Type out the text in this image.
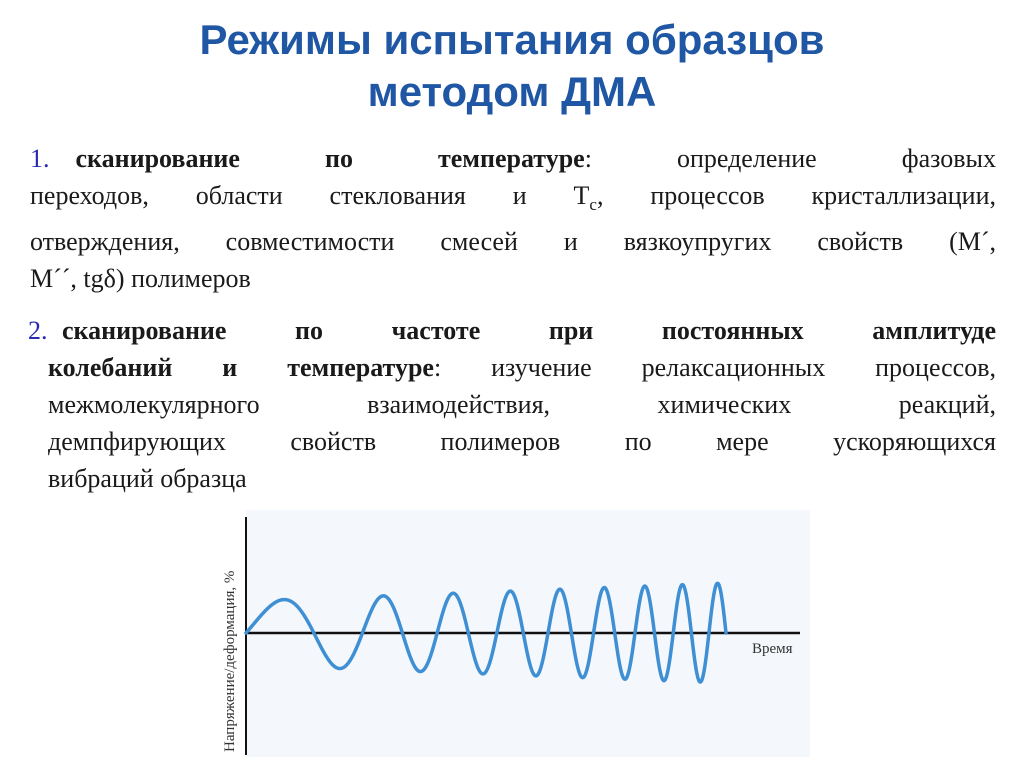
Режимы испытания образцов
методом ДМА
1. сканирование по температуре: определение фазовых
переходов, области стеклования и $Т_с$, процессов кристаллизации,
отверждения, совместимости смесей и вязкоупругих свойств (М´,
М´´, tgδ) полимеров
2. сканирование по частоте при постоянных амплитуде
колебаний и температуре: изучение релаксационных процессов,
межмолекулярного взаимодействия, химических реакций,
демпфирующих свойств полимеров по мере ускоряющихся
вибраций образца
Время
Напряжение/деформация, %
